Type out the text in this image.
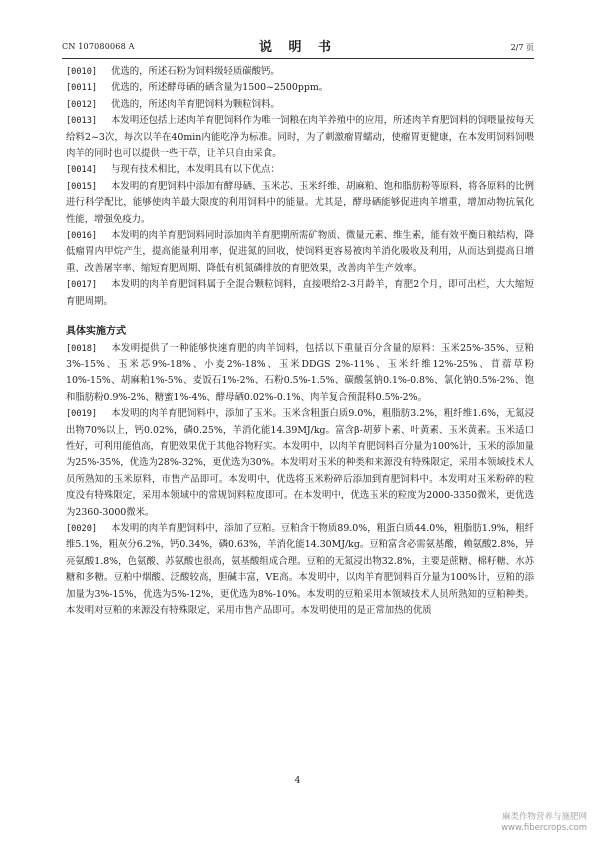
CN 107080068 A	说 明 书	2/7 页

[0010] 优选的，所述石粉为饲料级轻质碳酸钙。

[0011] 优选的，所述酵母硒的硒含量为1500~2500ppm。

[0012] 优选的，所述肉羊育肥饲料为颗粒饲料。

[0013] 本发明还包括上述肉羊育肥饲料作为唯一饲粮在肉羊养殖中的应用，所述肉羊育肥饲料的饲喂量按每天给料2~3次，每次以羊在40min内能吃净为标准。同时，为了刺激瘤胃蠕动，使瘤胃更健康，在本发明饲料饲喂肉羊的同时也可以提供一些干草，让羊只自由采食。

[0014] 与现有技术相比，本发明具有以下优点：

[0015] 本发明的育肥饲料中添加有酵母硒、玉米芯、玉米纤维、胡麻粕、饱和脂肪粉等原料，将各原料的比例进行科学配比，能够使肉羊最大限度的利用饲料中的能量。尤其是，酵母硒能够促进肉羊增重，增加动物抗氧化性能，增强免疫力。

[0016] 本发明的肉羊育肥饲料同时添加肉羊育肥期所需矿物质、微量元素、维生素，能有效平衡日粮结构，降低瘤胃内甲烷产生，提高能量利用率，促进氮的回收，使饲料更容易被肉羊消化吸收及利用，从而达到提高日增重、改善屠宰率、缩短育肥周期、降低有机氮磷排放的育肥效果，改善肉羊生产效率。

[0017] 本发明的肉羊育肥饲料属于全混合颗粒饲料，直接喂给2-3月龄羊，育肥2个月，即可出栏，大大缩短育肥周期。

具体实施方式

[0018] 本发明提供了一种能够快速育肥的肉羊饲料，包括以下重量百分含量的原料：玉米25%-35%、豆粕3%-15%、玉米芯9%-18%、小麦2%-18%、玉米DDGS 2%-11%、玉米纤维12%-25%、苜蓿草粉10%-15%、胡麻粕1%-5%、麦饭石1%-2%、石粉0.5%-1.5%、碳酸氢钠0.1%-0.8%、氯化钠0.5%-2%、饱和脂肪粉0.9%-2%、糖蜜1%-4%、酵母硒0.02%-0.1%、肉羊复合预混料0.5%-2%。

[0019] 本发明的肉羊育肥饲料中，添加了玉米。玉米含粗蛋白质9.0%，粗脂肪3.2%，粗纤维1.6%，无氮浸出物70%以上，钙0.02%，磷0.25%，羊消化能14.39MJ/kg。富含β-胡萝卜素、叶黄素、玉米黄素。玉米适口性好，可利用能值高，育肥效果优于其他谷物籽实。本发明中，以肉羊育肥饲料百分量为100%计，玉米的添加量为25%-35%，优选为28%-32%，更优选为30%。本发明对玉米的种类和来源没有特殊限定，采用本领域技术人员所熟知的玉米原料，市售产品即可。本发明中，优选将玉米粉碎后添加到育肥饲料中。本发明对玉米粉碎的粒度没有特殊限定，采用本领域中的常规饲料粒度即可。在本发明中，优选玉米的粒度为2000-3350微米，更优选为2360-3000微米。

[0020] 本发明的肉羊育肥饲料中，添加了豆粕。豆粕含干物质89.0%，粗蛋白质44.0%，粗脂肪1.9%，粗纤维5.1%，粗灰分6.2%，钙0.34%，磷0.63%，羊消化能14.30MJ/kg。豆粕富含必需氨基酸，赖氨酸2.8%，异亮氨酸1.8%，色氨酸、苏氨酸也很高，氨基酸组成合理。豆粕的无氮浸出物32.8%，主要是蔗糖、棉籽糖、水苏糖和多糖。豆粕中烟酸、泛酸较高，胆碱丰富，VE高。本发明中，以肉羊育肥饲料百分量为100%计，豆粕的添加量为3%-15%，优选为5%-12%，更优选为8%-10%。本发明的豆粕采用本领域技术人员所熟知的豆粕种类。本发明对豆粕的来源没有特殊限定，采用市售产品即可。本发明使用的是正常加热的优质

4
麻类作物营养与施肥网
www.fibercrops.com
